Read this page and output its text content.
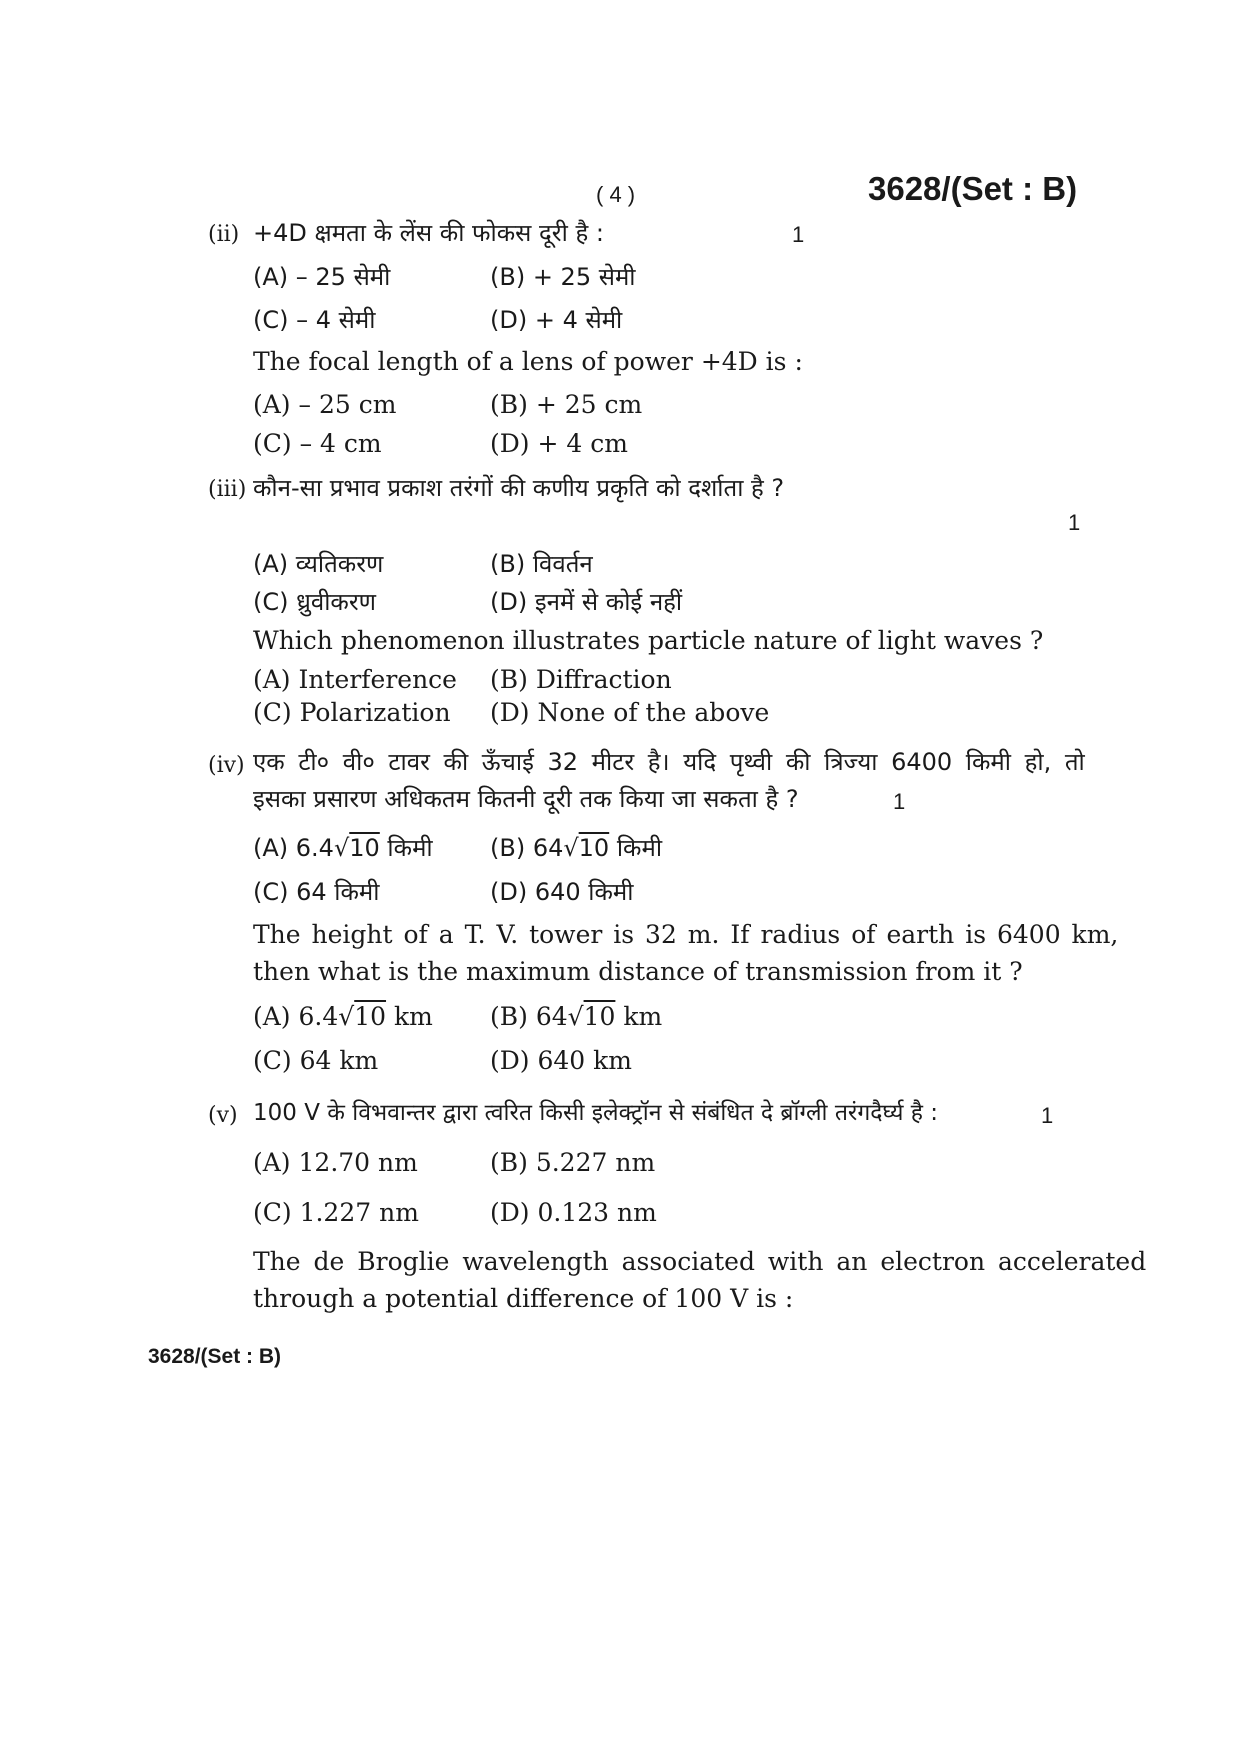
( 4 )	3628/(Set : B)
(ii) +4D क्षमता के लेंस की फोकस दूरी है :	1
(A) – 25 सेमी	(B) + 25 सेमी
(C) – 4 सेमी	(D) + 4 सेमी
The focal length of a lens of power +4D is :
(A) – 25 cm	(B) + 25 cm
(C) – 4 cm	(D) + 4 cm
(iii) कौन-सा प्रभाव प्रकाश तरंगों की कणीय प्रकृति को दर्शाता है ?
1
(A) व्यतिकरण	(B) विवर्तन
(C) ध्रुवीकरण	(D) इनमें से कोई नहीं
Which phenomenon illustrates particle nature of light waves ?
(A) Interference (B) Diffraction
(C) Polarization (D) None of the above
(iv) एक टी० वी० टावर की ऊँचाई 32 मीटर है। यदि पृथ्वी की त्रिज्या 6400 किमी हो, तो
इसका प्रसारण अधिकतम कितनी दूरी तक किया जा सकता है ?	1
(A) 6.4√10 किमी (B) 64√10 किमी
(C) 64 किमी	(D) 640 किमी
The height of a T. V. tower is 32 m. If radius of earth is 6400 km,
then what is the maximum distance of transmission from it ?
(A) 6.4√10 km (B) 64√10 km
(C) 64 km	(D) 640 km
(v) 100 V के विभवान्तर द्वारा त्वरित किसी इलेक्ट्रॉन से संबंधित दे ब्रॉग्ली तरंगदैर्घ्य है :	1
(A) 12.70 nm	(B) 5.227 nm
(C) 1.227 nm	(D) 0.123 nm
The de Broglie wavelength associated with an electron accelerated
through a potential difference of 100 V is :
3628/(Set : B)
